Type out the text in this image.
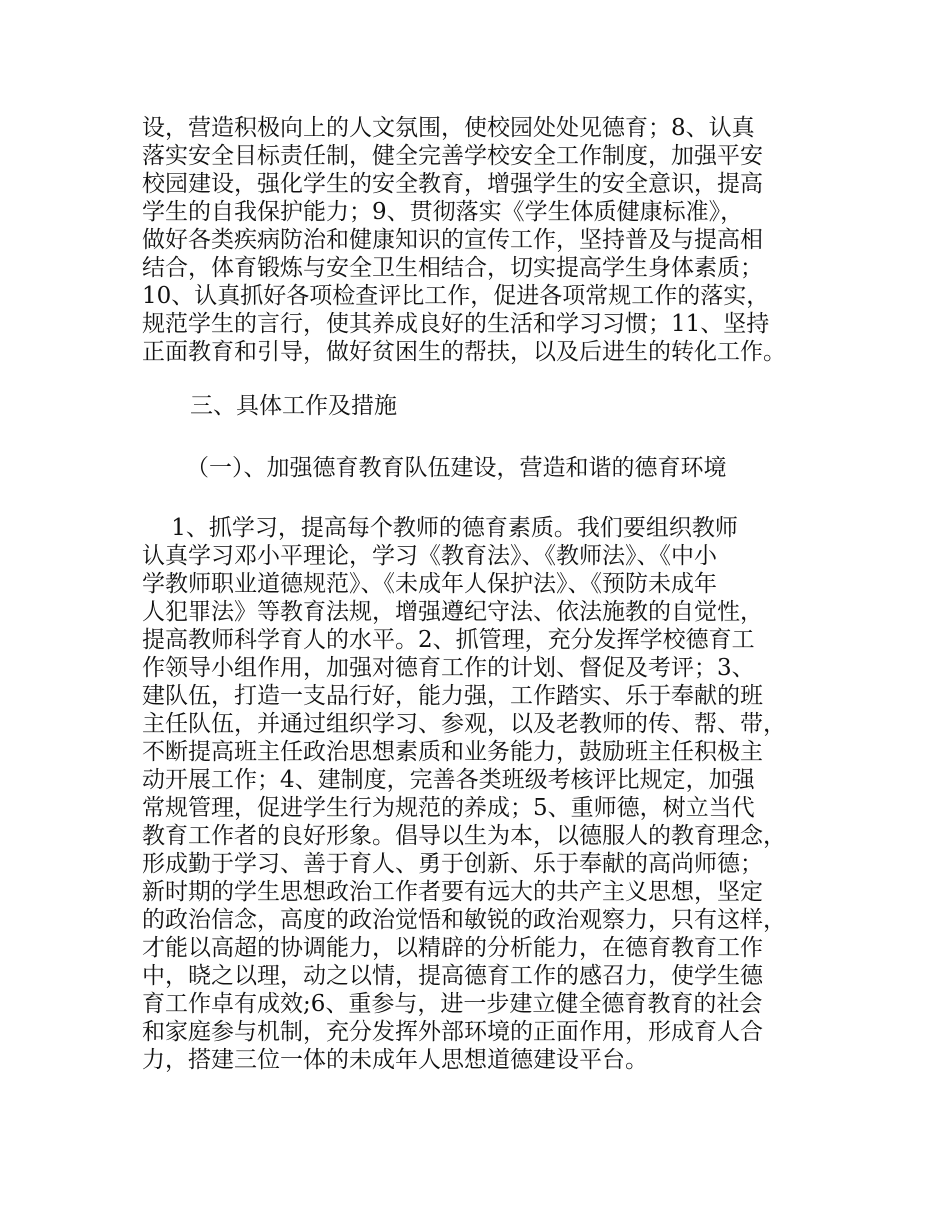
设，营造积极向上的人文氛围，使校园处处见德育；8、认真
落实安全目标责任制，健全完善学校安全工作制度，加强平安
校园建设，强化学生的安全教育，增强学生的安全意识，提高
学生的自我保护能力；9、贯彻落实《学生体质健康标准》，
做好各类疾病防治和健康知识的宣传工作，坚持普及与提高相
结合，体育锻炼与安全卫生相结合，切实提高学生身体素质；
10、认真抓好各项检查评比工作，促进各项常规工作的落实，
规范学生的言行，使其养成良好的生活和学习习惯；11、坚持
正面教育和引导，做好贫困生的帮扶，以及后进生的转化工作。
三、具体工作及措施
（一）、加强德育教育队伍建设，营造和谐的德育环境
1、抓学习，提高每个教师的德育素质。我们要组织教师
认真学习邓小平理论，学习《教育法》、《教师法》、《中小
学教师职业道德规范》、《未成年人保护法》、《预防未成年
人犯罪法》等教育法规，增强遵纪守法、依法施教的自觉性，
提高教师科学育人的水平。2、抓管理，充分发挥学校德育工
作领导小组作用，加强对德育工作的计划、督促及考评；3、
建队伍，打造一支品行好，能力强，工作踏实、乐于奉献的班
主任队伍，并通过组织学习、参观，以及老教师的传、帮、带，
不断提高班主任政治思想素质和业务能力，鼓励班主任积极主
动开展工作；4、建制度，完善各类班级考核评比规定，加强
常规管理，促进学生行为规范的养成；5、重师德，树立当代
教育工作者的良好形象。倡导以生为本，以德服人的教育理念，
形成勤于学习、善于育人、勇于创新、乐于奉献的高尚师德；
新时期的学生思想政治工作者要有远大的共产主义思想，坚定
的政治信念，高度的政治觉悟和敏锐的政治观察力，只有这样，
才能以高超的协调能力，以精辟的分析能力，在德育教育工作
中，晓之以理，动之以情，提高德育工作的感召力，使学生德
育工作卓有成效;6、重参与，进一步建立健全德育教育的社会
和家庭参与机制，充分发挥外部环境的正面作用，形成育人合
力，搭建三位一体的未成年人思想道德建设平台。
